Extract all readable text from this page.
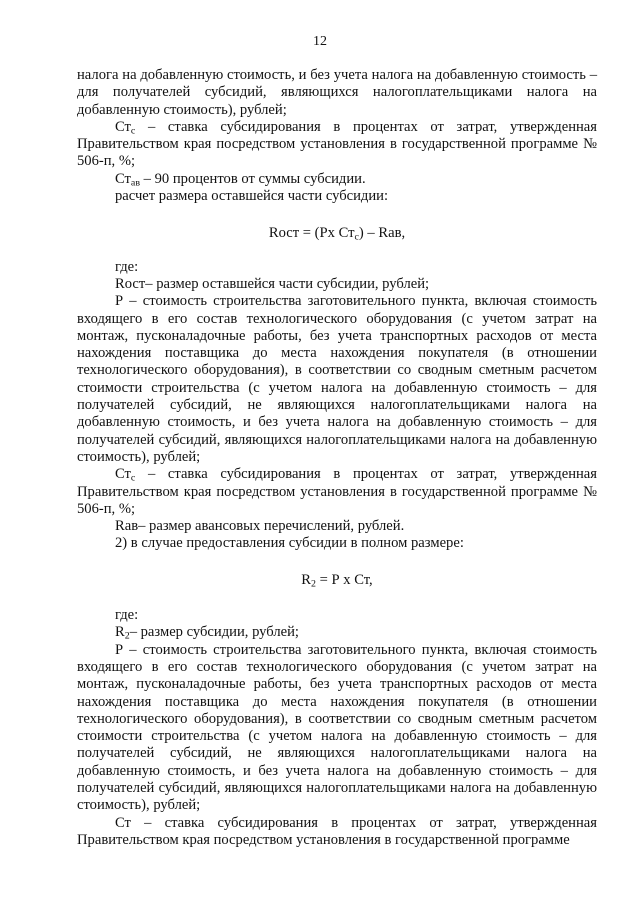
12

налога на добавленную стоимость, и без учета налога на добавленную стоимость – для получателей субсидий, являющихся налогоплательщиками налога на добавленную стоимость), рублей;

$Ст_с$ – ставка субсидирования в процентах от затрат, утвержденная Правительством края посредством установления в государственной программе № 506-п, %;

$Ст_{ав} - 90$ процентов от суммы субсидии.

расчет размера оставшейся части субсидии:

Rост = (Рх $Ст_с$) – Rав,

где:

Rост– размер оставшейся части субсидии, рублей;

Р – стоимость строительства заготовительного пункта, включая стоимость входящего в его состав технологического оборудования (с учетом затрат на монтаж, пусконаладочные работы, без учета транспортных расходов от места нахождения поставщика до места нахождения покупателя (в отношении технологического оборудования), в соответствии со сводным сметным расчетом стоимости строительства (с учетом налога на добавленную стоимость – для получателей субсидий, не являющихся налогоплательщиками налога на добавленную стоимость, и без учета налога на добавленную стоимость – для получателей субсидий, являющихся налогоплательщиками налога на добавленную стоимость), рублей;

$Ст_с$ – ставка субсидирования в процентах от затрат, утвержденная Правительством края посредством установления в государственной программе № 506-п, %;

Rав– размер авансовых перечислений, рублей.

2) в случае предоставления субсидии в полном размере:

$R_2 = Р$ х Ст,

где:

$R_2-$ размер субсидии, рублей;

Р – стоимость строительства заготовительного пункта, включая стоимость входящего в его состав технологического оборудования (с учетом затрат на монтаж, пусконаладочные работы, без учета транспортных расходов от места нахождения поставщика до места нахождения покупателя (в отношении технологического оборудования), в соответствии со сводным сметным расчетом стоимости строительства (с учетом налога на добавленную стоимость – для получателей субсидий, не являющихся налогоплательщиками налога на добавленную стоимость, и без учета налога на добавленную стоимость – для получателей субсидий, являющихся налогоплательщиками налога на добавленную стоимость), рублей;

Ст – ставка субсидирования в процентах от затрат, утвержденная Правительством края посредством установления в государственной программе
